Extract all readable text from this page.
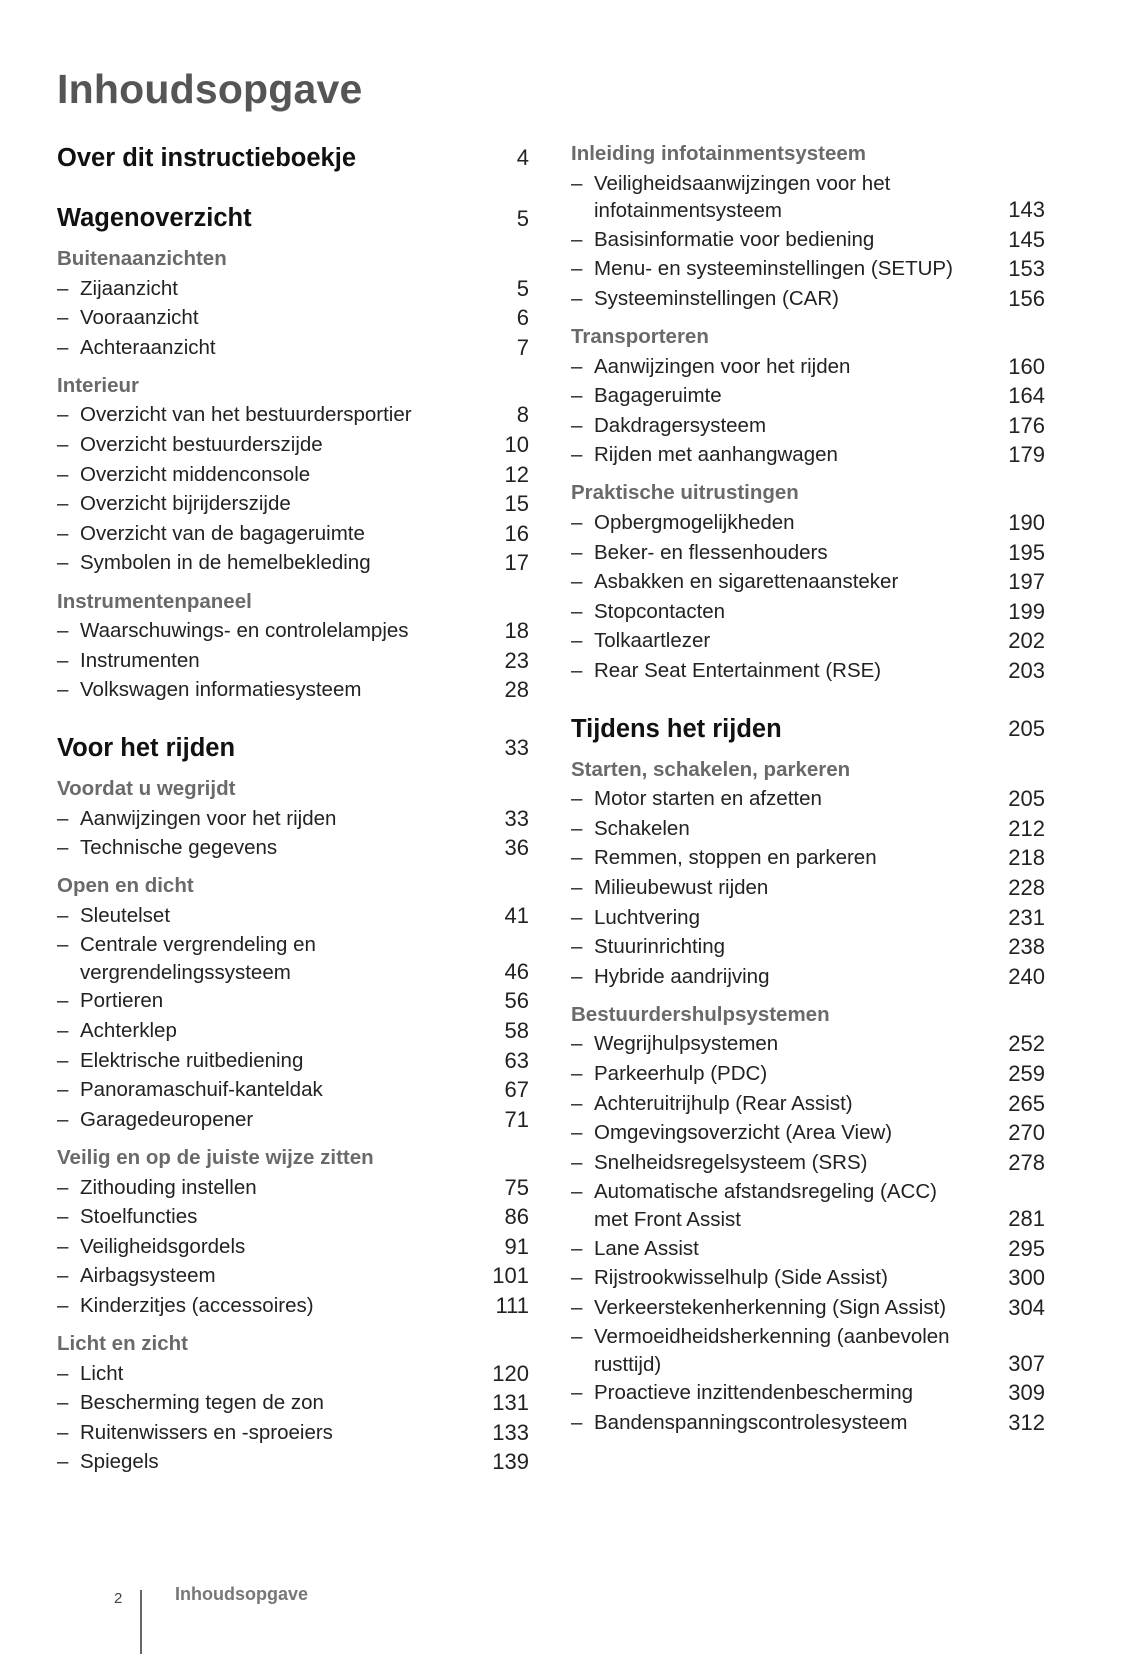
Inhoudsopgave
Over dit instructieboekje	4
Wagenoverzicht	5
Buitenaanzichten
– Zijaanzicht	5
– Vooraanzicht	6
– Achteraanzicht	7
Interieur
– Overzicht van het bestuurdersportier	8
– Overzicht bestuurderszijde	10
– Overzicht middenconsole	12
– Overzicht bijrijderszijde	15
– Overzicht van de bagageruimte	16
– Symbolen in de hemelbekleding	17
Instrumentenpaneel
– Waarschuwings- en controlelampjes	18
– Instrumenten	23
– Volkswagen informatiesysteem	28
Voor het rijden	33
Voordat u wegrijdt
– Aanwijzingen voor het rijden	33
– Technische gegevens	36
Open en dicht
– Sleutelset	41
– Centrale vergrendeling en
vergrendelingssysteem	46
– Portieren	56
– Achterklep	58
– Elektrische ruitbediening	63
– Panoramaschuif-kanteldak	67
– Garagedeuropener	71
Veilig en op de juiste wijze zitten
– Zithouding instellen	75
– Stoelfuncties	86
– Veiligheidsgordels	91
– Airbagsysteem	101
– Kinderzitjes (accessoires)	111
Licht en zicht
– Licht	120
– Bescherming tegen de zon	131
– Ruitenwissers en -sproeiers	133
– Spiegels	139
Inleiding infotainmentsysteem
– Veiligheidsaanwijzingen voor het
infotainmentsysteem	143
– Basisinformatie voor bediening	145
– Menu- en systeeminstellingen (SETUP)	153
– Systeeminstellingen (CAR)	156
Transporteren
– Aanwijzingen voor het rijden	160
– Bagageruimte	164
– Dakdragersysteem	176
– Rijden met aanhangwagen	179
Praktische uitrustingen
– Opbergmogelijkheden	190
– Beker- en flessenhouders	195
– Asbakken en sigarettenaansteker	197
– Stopcontacten	199
– Tolkaartlezer	202
– Rear Seat Entertainment (RSE)	203
Tijdens het rijden	205
Starten, schakelen, parkeren
– Motor starten en afzetten	205
– Schakelen	212
– Remmen, stoppen en parkeren	218
– Milieubewust rijden	228
– Luchtvering	231
– Stuurinrichting	238
– Hybride aandrijving	240
Bestuurdershulpsystemen
– Wegrijhulpsystemen	252
– Parkeerhulp (PDC)	259
– Achteruitrijhulp (Rear Assist)	265
– Omgevingsoverzicht (Area View)	270
– Snelheidsregelsysteem (SRS)	278
– Automatische afstandsregeling (ACC)
met Front Assist	281
– Lane Assist	295
– Rijstrookwisselhulp (Side Assist)	300
– Verkeerstekenherkenning (Sign Assist)	304
– Vermoeidheidsherkenning (aanbevolen
rusttijd)	307
– Proactieve inzittendenbescherming	309
– Bandenspanningscontrolesysteem	312
2	Inhoudsopgave
